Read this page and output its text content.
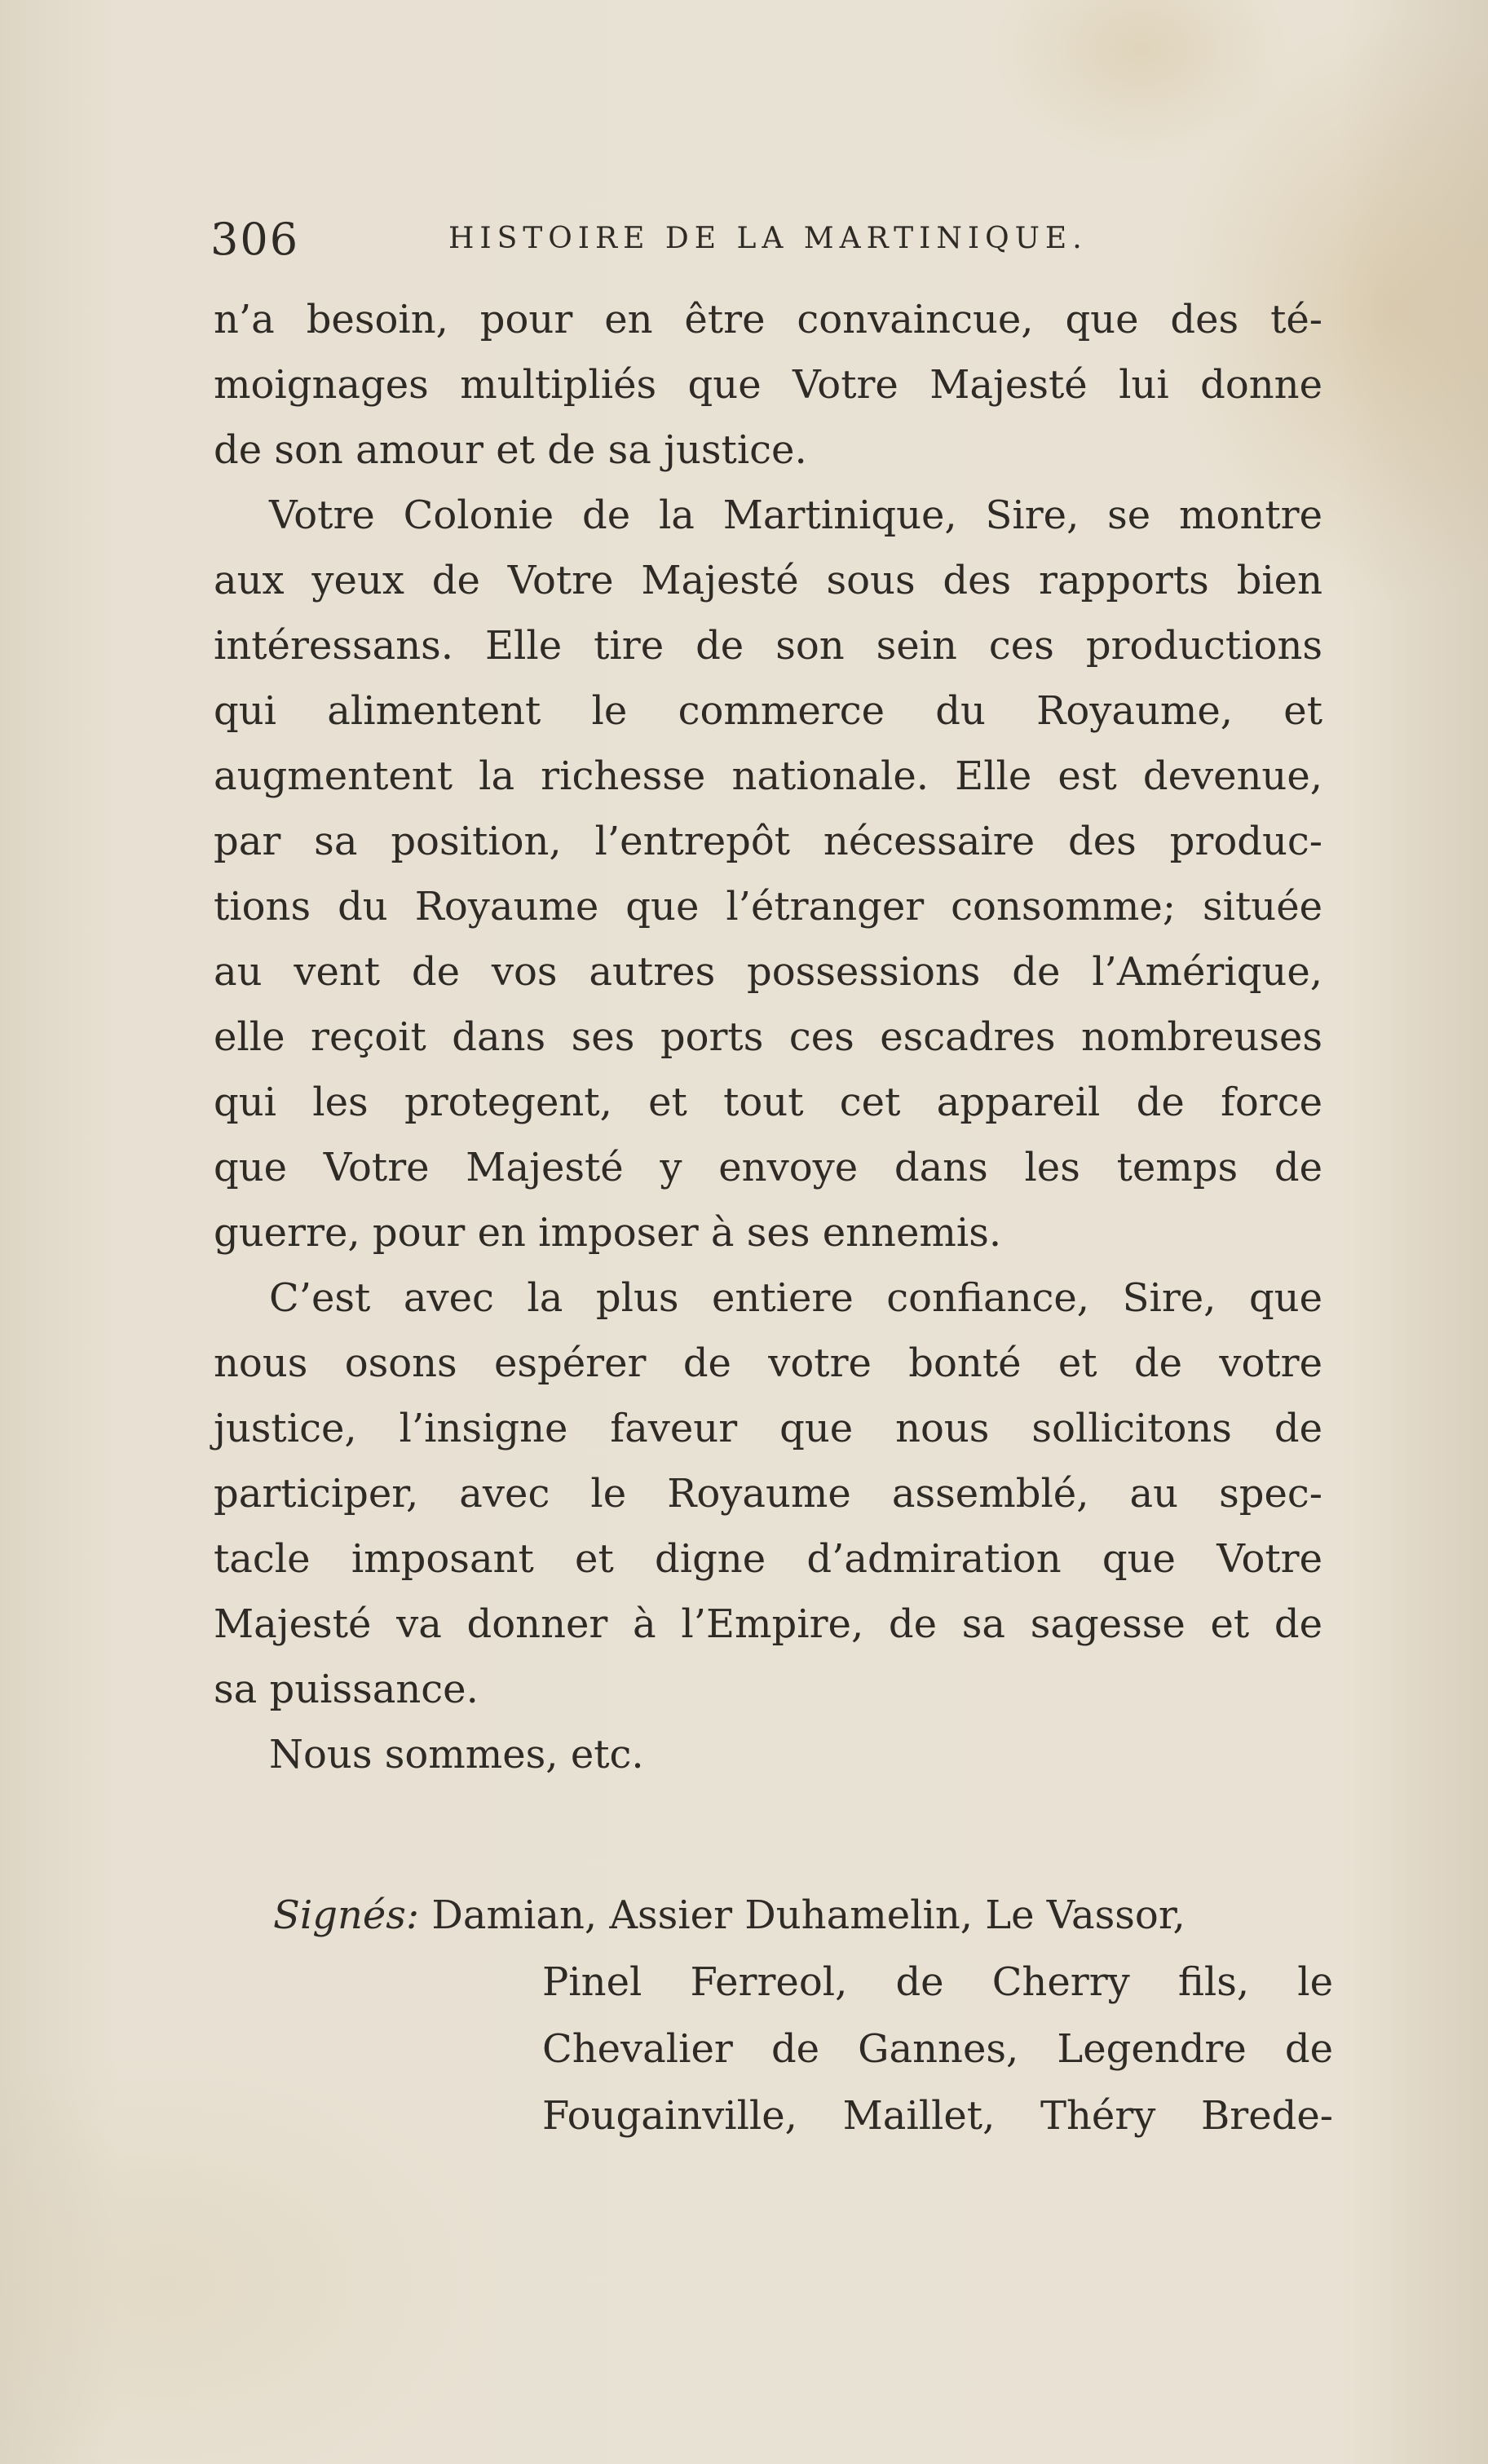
306	HISTOIRE DE LA MARTINIQUE.
n’a besoin, pour en être convaincue, que des té-
moignages multipliés que Votre Majesté lui donne
de son amour et de sa justice.
Votre Colonie de la Martinique, Sire, se montre
aux yeux de Votre Majesté sous des rapports bien
intéressans. Elle tire de son sein ces productions
qui alimentent le commerce du Royaume, et
augmentent la richesse nationale. Elle est devenue,
par sa position, l’entrepôt nécessaire des produc-
tions du Royaume que l’étranger consomme; située
au vent de vos autres possessions de l’Amérique,
elle reçoit dans ses ports ces escadres nombreuses
qui les protegent, et tout cet appareil de force
que Votre Majesté y envoye dans les temps de
guerre, pour en imposer à ses ennemis.
C’est avec la plus entiere confiance, Sire, que
nous osons espérer de votre bonté et de votre
justice, l’insigne faveur que nous sollicitons de
participer, avec le Royaume assemblé, au spec-
tacle imposant et digne d’admiration que Votre
Majesté va donner à l’Empire, de sa sagesse et de
sa puissance.
Nous sommes, etc.
Signés: Damian, Assier Duhamelin, Le Vassor,
Pinel Ferreol, de Cherry fils, le
Chevalier de Gannes, Legendre de
Fougainville, Maillet, Théry Brede-
